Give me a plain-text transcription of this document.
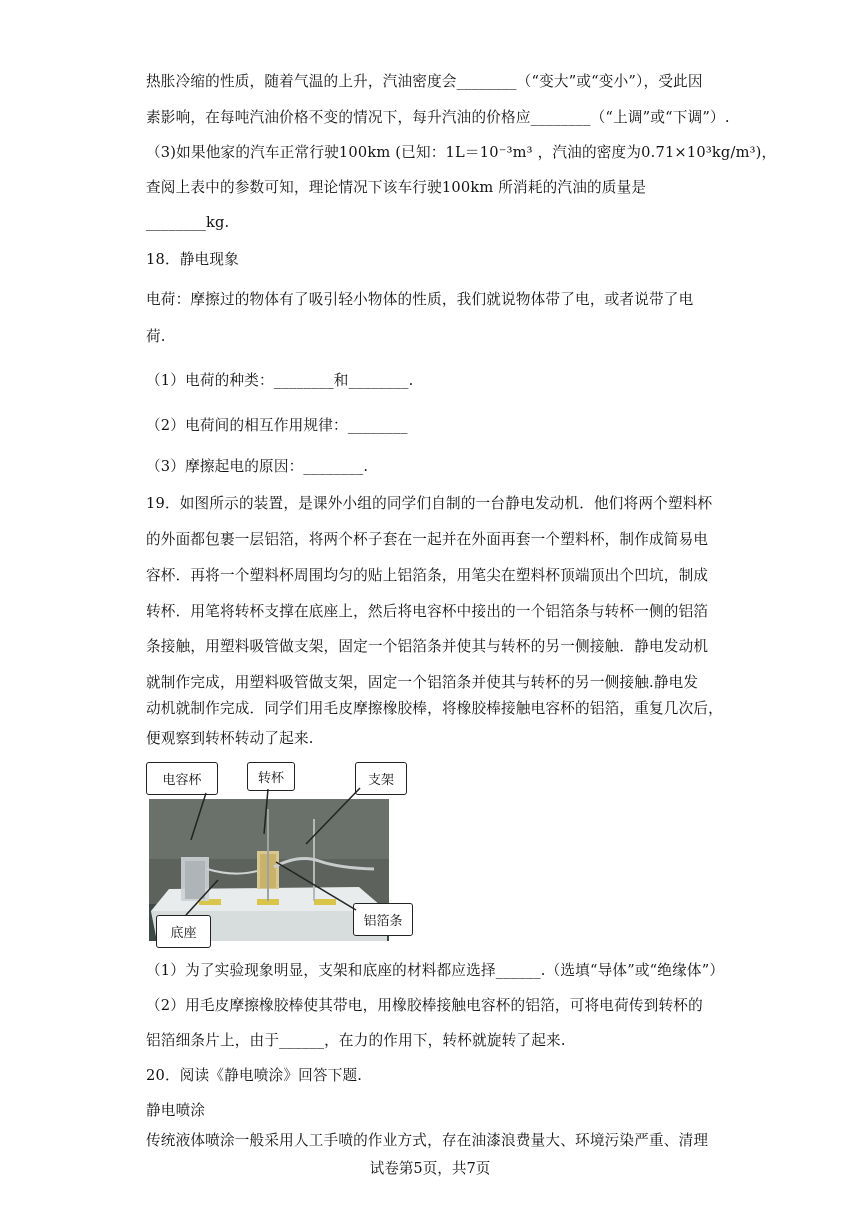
热胀冷缩的性质，随着气温的上升，汽油密度会________（“变大”或“变小”），受此因
素影响，在每吨汽油价格不变的情况下，每升汽油的价格应________（“上调”或“下调”）.
（3)如果他家的汽车正常行驶100km (已知：1L＝10⁻³m³ ，汽油的密度为0.71×10³kg/m³)，
查阅上表中的参数可知，理论情况下该车行驶100km 所消耗的汽油的质量是
________kg.
18．静电现象
电荷：摩擦过的物体有了吸引轻小物体的性质，我们就说物体带了电，或者说带了电
荷.
（1）电荷的种类：________和________.
（2）电荷间的相互作用规律：________
（3）摩擦起电的原因：________.
19．如图所示的装置，是课外小组的同学们自制的一台静电发动机．他们将两个塑料杯
的外面都包裹一层铝箔，将两个杯子套在一起并在外面再套一个塑料杯，制作成简易电
容杯．再将一个塑料杯周围均匀的贴上铝箔条，用笔尖在塑料杯顶端顶出个凹坑，制成
转杯．用笔将转杯支撑在底座上，然后将电容杯中接出的一个铝箔条与转杯一侧的铝箔
条接触，用塑料吸管做支架，固定一个铝箔条并使其与转杯的另一侧接触．静电发动机
就制作完成，用塑料吸管做支架，固定一个铝箔条并使其与转杯的另一侧接触.静电发
动机就制作完成．同学们用毛皮摩擦橡胶棒，将橡胶棒接触电容杯的铝箔，重复几次后，
便观察到转杯转动了起来.
电容杯	转杯	支架
底座
铝箔条
（1）为了实验现象明显，支架和底座的材料都应选择______.（选填“导体”或“绝缘体”）
（2）用毛皮摩擦橡胶棒使其带电，用橡胶棒接触电容杯的铝箔，可将电荷传到转杯的
铝箔细条片上，由于______，在力的作用下，转杯就旋转了起来.
20．阅读《静电喷涂》回答下题.
静电喷涂
传统液体喷涂一般采用人工手喷的作业方式，存在油漆浪费量大、环境污染严重、清理
试卷第5页，共7页
